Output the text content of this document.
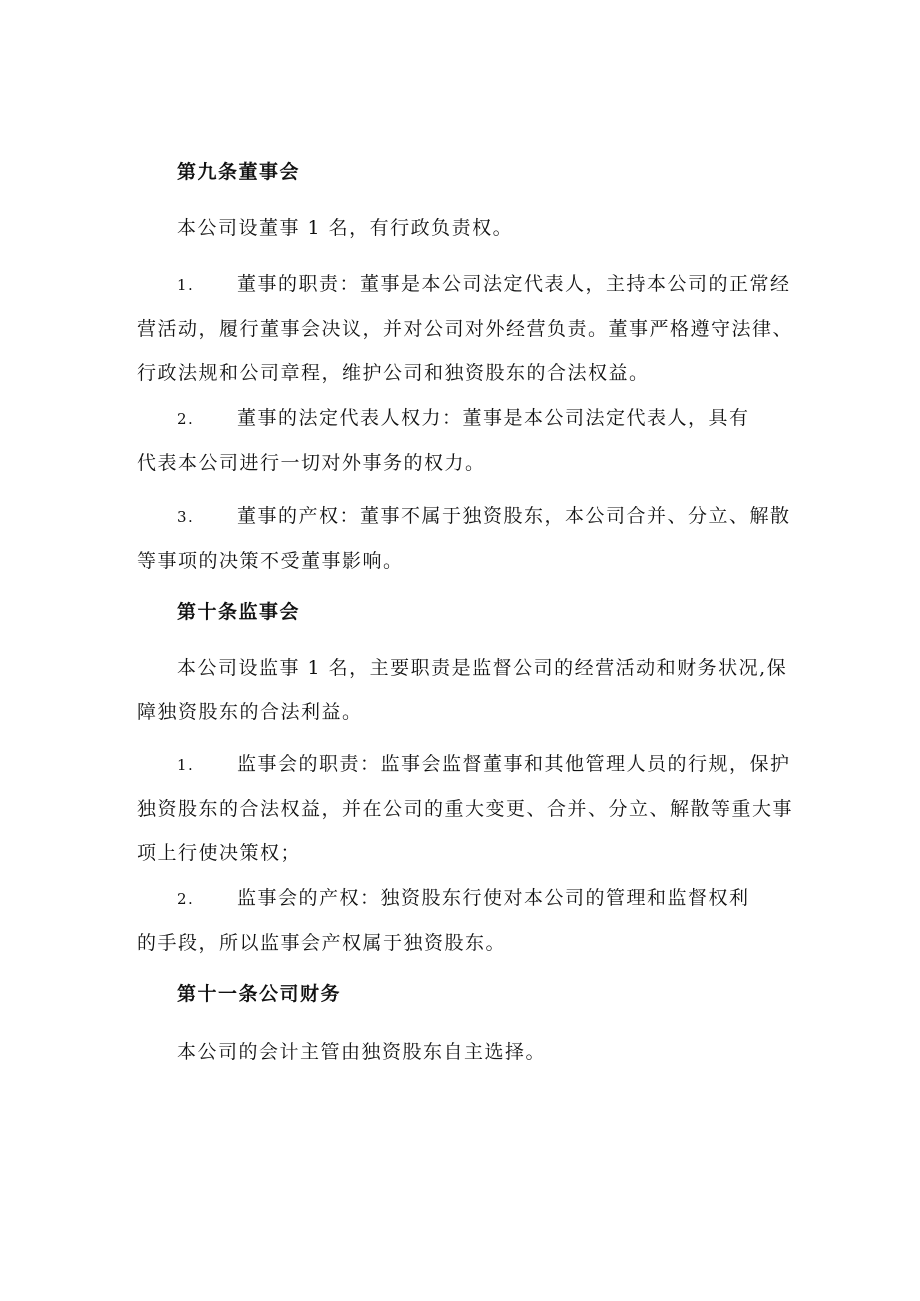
第九条董事会

本公司设董事 1 名，有行政负责权。

1. 董事的职责：董事是本公司法定代表人，主持本公司的正常经
营活动，履行董事会决议，并对公司对外经营负责。董事严格遵守法律、行政法规和公司章程，维护公司和独资股东的合法权益。
2. 董事的法定代表人权力：董事是本公司法定代表人，具有
代表本公司进行一切对外事务的权力。
3. 董事的产权：董事不属于独资股东，本公司合并、分立、解散
等事项的决策不受董事影响。

第十条监事会

本公司设监事 1 名，主要职责是监督公司的经营活动和财务状况,保障独资股东的合法利益。

1. 监事会的职责：监事会监督董事和其他管理人员的行规，保护
独资股东的合法权益，并在公司的重大变更、合并、分立、解散等重大事项上行使决策权；
2. 监事会的产权：独资股东行使对本公司的管理和监督权利
的手段，所以监事会产权属于独资股东。

第十一条公司财务

本公司的会计主管由独资股东自主选择。
